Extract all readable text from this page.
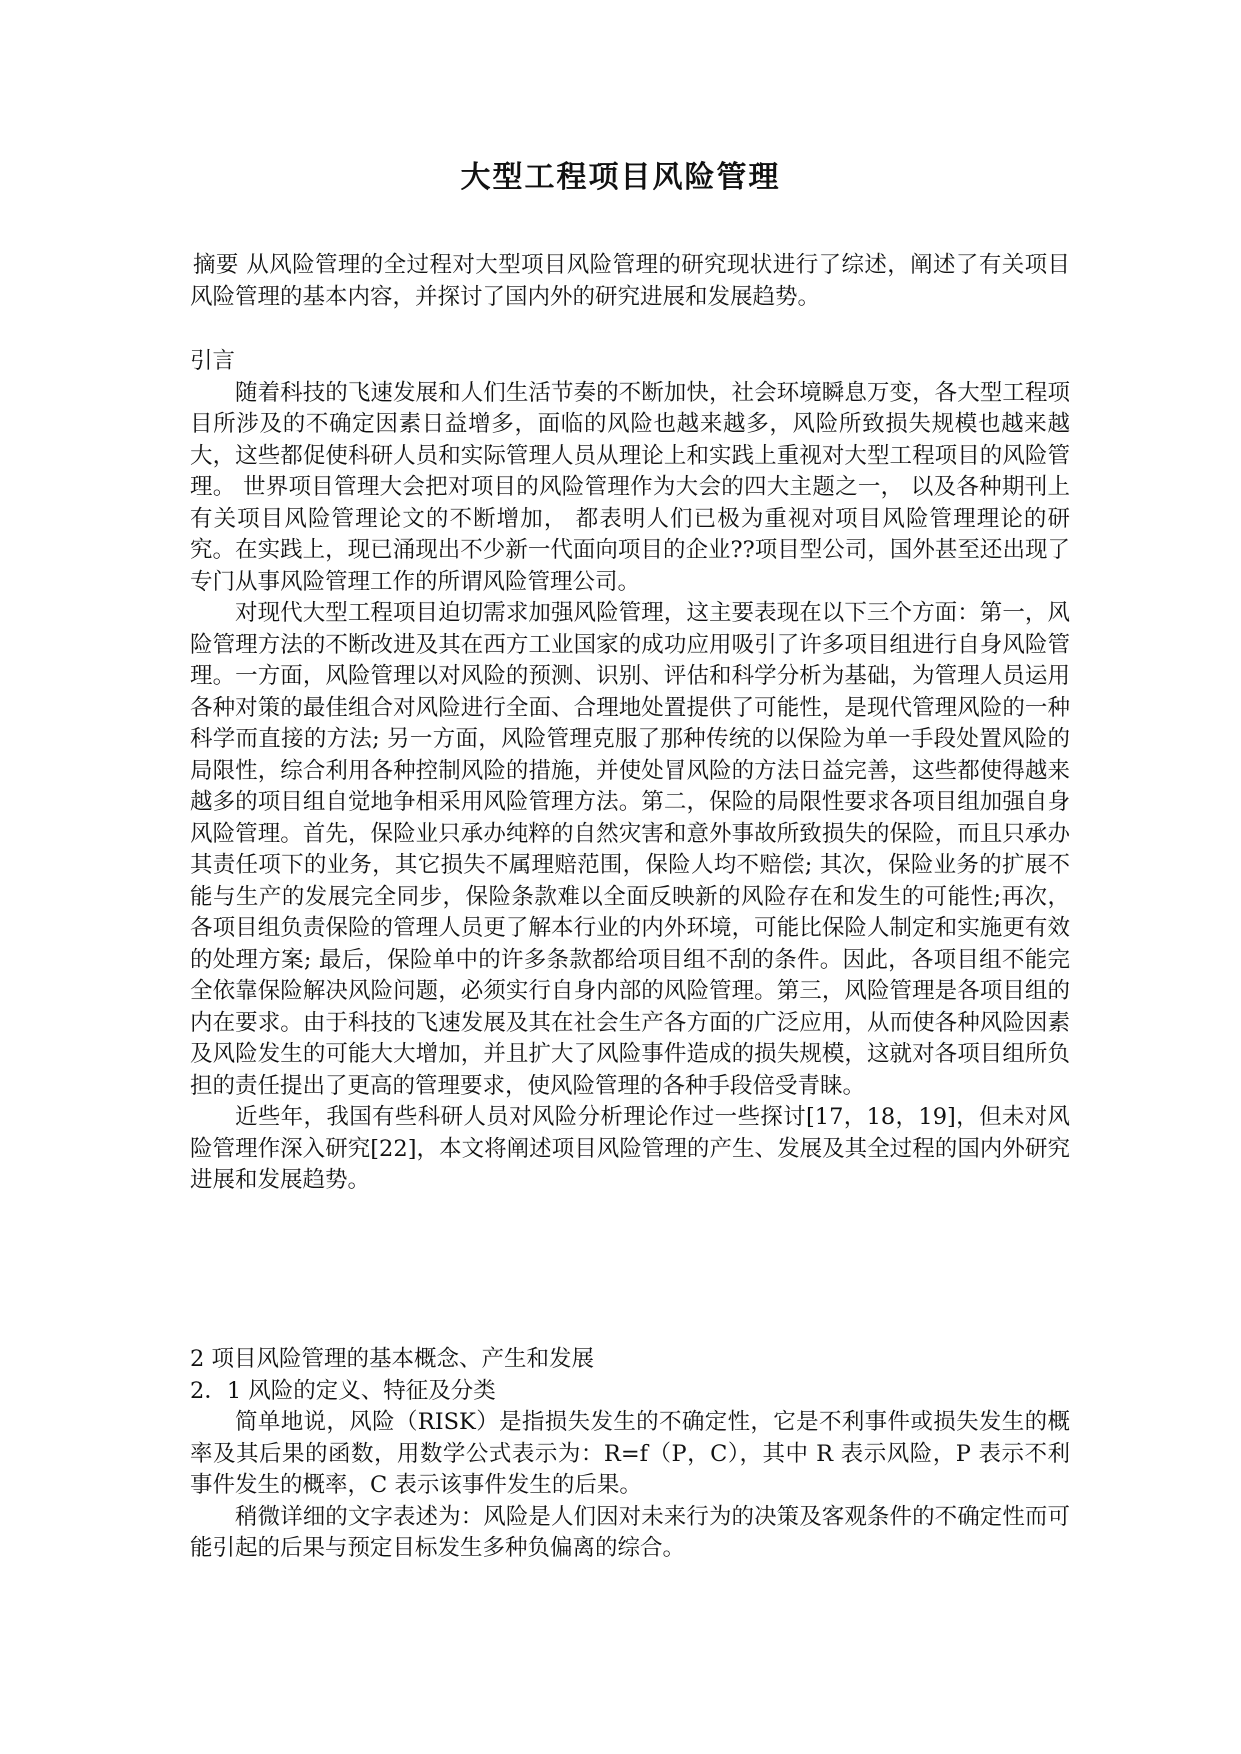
大型工程项目风险管理

摘要 从风险管理的全过程对大型项目风险管理的研究现状进行了综述，阐述了有关项目风险管理的基本内容，并探讨了国内外的研究进展和发展趋势。

引言

随着科技的飞速发展和人们生活节奏的不断加快，社会环境瞬息万变，各大型工程项目所涉及的不确定因素日益增多，面临的风险也越来越多，风险所致损失规模也越来越大，这些都促使科研人员和实际管理人员从理论上和实践上重视对大型工程项目的风险管理。 世界项目管理大会把对项目的风险管理作为大会的四大主题之一， 以及各种期刊上有关项目风险管理论文的不断增加， 都表明人们已极为重视对项目风险管理理论的研究。在实践上，现已涌现出不少新一代面向项目的企业??项目型公司，国外甚至还出现了专门从事风险管理工作的所谓风险管理公司。

对现代大型工程项目迫切需求加强风险管理，这主要表现在以下三个方面：第一，风险管理方法的不断改进及其在西方工业国家的成功应用吸引了许多项目组进行自身风险管理。一方面，风险管理以对风险的预测、识别、评估和科学分析为基础，为管理人员运用各种对策的最佳组合对风险进行全面、合理地处置提供了可能性，是现代管理风险的一种科学而直接的方法; 另一方面，风险管理克服了那种传统的以保险为单一手段处置风险的局限性，综合利用各种控制风险的措施，并使处冒风险的方法日益完善，这些都使得越来越多的项目组自觉地争相采用风险管理方法。第二，保险的局限性要求各项目组加强自身风险管理。首先，保险业只承办纯粹的自然灾害和意外事故所致损失的保险，而且只承办其责任项下的业务，其它损失不属理赔范围，保险人均不赔偿; 其次，保险业务的扩展不能与生产的发展完全同步，保险条款难以全面反映新的风险存在和发生的可能性;再次，各项目组负责保险的管理人员更了解本行业的内外环境，可能比保险人制定和实施更有效的处理方案; 最后，保险单中的许多条款都给项目组不刮的条件。因此，各项目组不能完全依靠保险解决风险问题，必须实行自身内部的风险管理。第三，风险管理是各项目组的内在要求。由于科技的飞速发展及其在社会生产各方面的广泛应用，从而使各种风险因素及风险发生的可能大大增加，并且扩大了风险事件造成的损失规模，这就对各项目组所负担的责任提出了更高的管理要求，使风险管理的各种手段倍受青睐。

近些年，我国有些科研人员对风险分析理论作过一些探讨[17，18，19]，但未对风险管理作深入研究[22]，本文将阐述项目风险管理的产生、发展及其全过程的国内外研究进展和发展趋势。

2 项目风险管理的基本概念、产生和发展

2．1 风险的定义、特征及分类

简单地说，风险（RISK）是指损失发生的不确定性，它是不利事件或损失发生的概率及其后果的函数，用数学公式表示为：R=f（P，C），其中 R 表示风险，P 表示不利事件发生的概率，C 表示该事件发生的后果。

稍微详细的文字表述为：风险是人们因对未来行为的决策及客观条件的不确定性而可能引起的后果与预定目标发生多种负偏离的综合。
